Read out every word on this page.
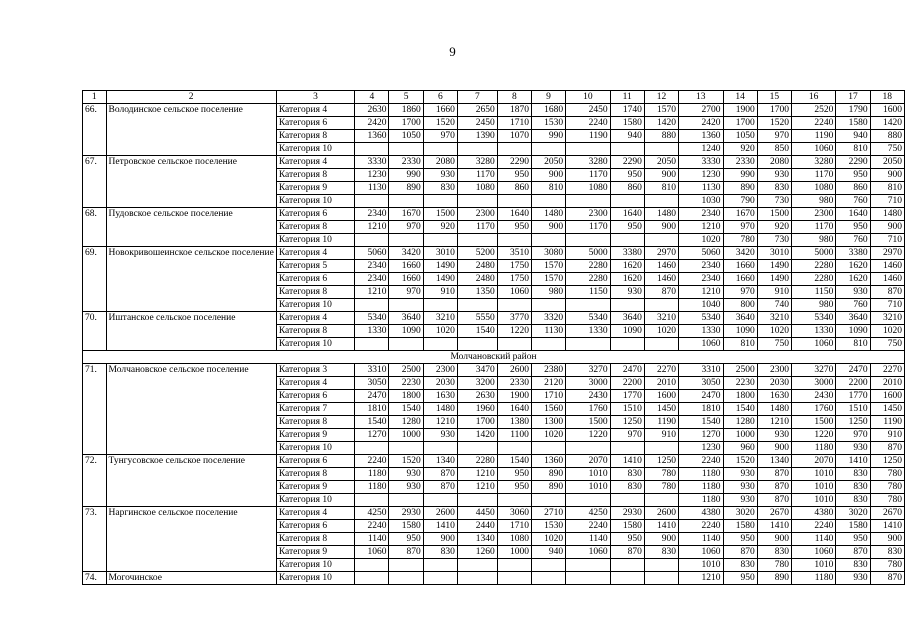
9
1	2	3	4	5	6	7	8	9	10	11	12	13	14	15	16	17	18
66.	Володинское сельское поселение	Категория 4	2630	1860	1660	2650	1870	1680	2450	1740	1570	2700	1900	1700	2520	1790	1600
		Категория 6	2420	1700	1520	2450	1710	1530	2240	1580	1420	2420	1700	1520	2240	1580	1420
		Категория 8	1360	1050	970	1390	1070	990	1190	940	880	1360	1050	970	1190	940	880
		Категория 10										1240	920	850	1060	810	750
67.	Петровское сельское поселение	Категория 4	3330	2330	2080	3280	2290	2050	3280	2290	2050	3330	2330	2080	3280	2290	2050
		Категория 8	1230	990	930	1170	950	900	1170	950	900	1230	990	930	1170	950	900
		Категория 9	1130	890	830	1080	860	810	1080	860	810	1130	890	830	1080	860	810
		Категория 10										1030	790	730	980	760	710
68.	Пудовское сельское поселение	Категория 6	2340	1670	1500	2300	1640	1480	2300	1640	1480	2340	1670	1500	2300	1640	1480
		Категория 8	1210	970	920	1170	950	900	1170	950	900	1210	970	920	1170	950	900
		Категория 10										1020	780	730	980	760	710
69.	Новокривошеинское сельское поселение	Категория 4	5060	3420	3010	5200	3510	3080	5000	3380	2970	5060	3420	3010	5000	3380	2970
		Категория 5	2340	1660	1490	2480	1750	1570	2280	1620	1460	2340	1660	1490	2280	1620	1460
		Категория 6	2340	1660	1490	2480	1750	1570	2280	1620	1460	2340	1660	1490	2280	1620	1460
		Категория 8	1210	970	910	1350	1060	980	1150	930	870	1210	970	910	1150	930	870
		Категория 10										1040	800	740	980	760	710
70.	Иштанское сельское поселение	Категория 4	5340	3640	3210	5550	3770	3320	5340	3640	3210	5340	3640	3210	5340	3640	3210
		Категория 8	1330	1090	1020	1540	1220	1130	1330	1090	1020	1330	1090	1020	1330	1090	1020
		Категория 10										1060	810	750	1060	810	750
Молчановский район																	
71.	Молчановское сельское поселение	Категория 3	3310	2500	2300	3470	2600	2380	3270	2470	2270	3310	2500	2300	3270	2470	2270
		Категория 4	3050	2230	2030	3200	2330	2120	3000	2200	2010	3050	2230	2030	3000	2200	2010
		Категория 6	2470	1800	1630	2630	1900	1710	2430	1770	1600	2470	1800	1630	2430	1770	1600
		Категория 7	1810	1540	1480	1960	1640	1560	1760	1510	1450	1810	1540	1480	1760	1510	1450
		Категория 8	1540	1280	1210	1700	1380	1300	1500	1250	1190	1540	1280	1210	1500	1250	1190
		Категория 9	1270	1000	930	1420	1100	1020	1220	970	910	1270	1000	930	1220	970	910
		Категория 10										1230	960	900	1180	930	870
72.	Тунгусовское сельское поселение	Категория 6	2240	1520	1340	2280	1540	1360	2070	1410	1250	2240	1520	1340	2070	1410	1250
		Категория 8	1180	930	870	1210	950	890	1010	830	780	1180	930	870	1010	830	780
		Категория 9	1180	930	870	1210	950	890	1010	830	780	1180	930	870	1010	830	780
		Категория 10										1180	930	870	1010	830	780
73.	Наргинское сельское поселение	Категория 4	4250	2930	2600	4450	3060	2710	4250	2930	2600	4380	3020	2670	4380	3020	2670
		Категория 6	2240	1580	1410	2440	1710	1530	2240	1580	1410	2240	1580	1410	2240	1580	1410
		Категория 8	1140	950	900	1340	1080	1020	1140	950	900	1140	950	900	1140	950	900
		Категория 9	1060	870	830	1260	1000	940	1060	870	830	1060	870	830	1060	870	830
		Категория 10										1010	830	780	1010	830	780
74.	Могочинское	Категория 10										1210	950	890	1180	930	870
